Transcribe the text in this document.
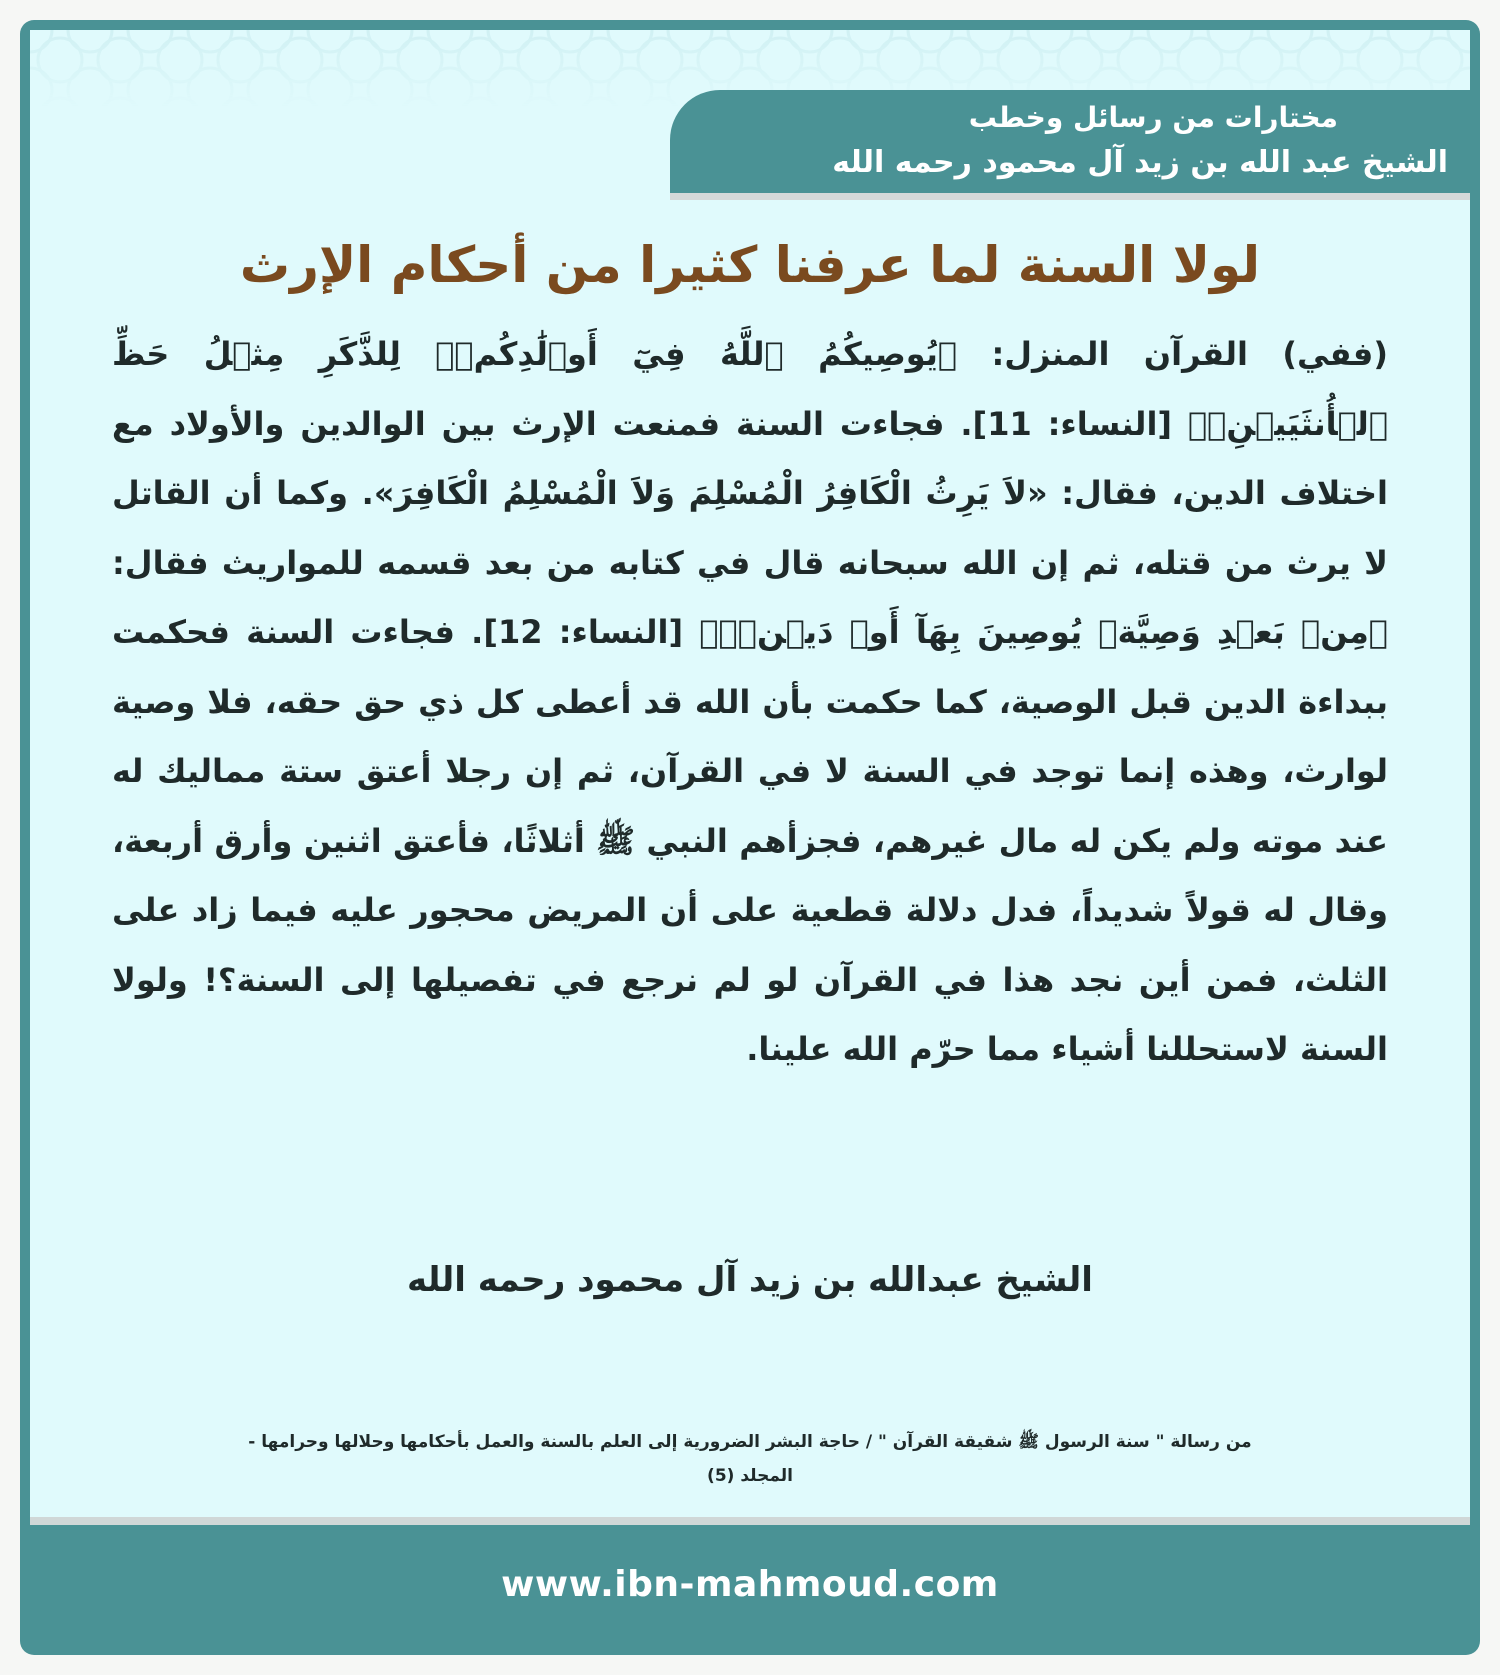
مختارات من رسائل وخطب
الشيخ عبد الله بن زيد آل محمود رحمه الله
لولا السنة لما عرفنا كثيرا من أحكام الإرث
(ففي) القرآن المنزل: ﴿يُوصِيكُمُ ٱللَّهُ فِيٓ أَوۡلَٰدِكُمۡۖ لِلذَّكَرِ مِثۡلُ حَظِّ ٱلۡأُنثَيَيۡنِۚ﴾ [النساء: 11]. فجاءت السنة فمنعت الإرث بين الوالدين والأولاد مع اختلاف الدين، فقال: «لاَ يَرِثُ الْكَافِرُ الْمُسْلِمَ وَلاَ الْمُسْلِمُ الْكَافِرَ». وكما أن القاتل لا يرث من قتله، ثم إن الله سبحانه قال في كتابه من بعد قسمه للمواريث فقال: ﴿مِنۢ بَعۡدِ وَصِيَّةٖ يُوصِينَ بِهَآ أَوۡ دَيۡنٖۚ﴾ [النساء: 12]. فجاءت السنة فحكمت ببداءة الدين قبل الوصية، كما حكمت بأن الله قد أعطى كل ذي حق حقه، فلا وصية لوارث، وهذه إنما توجد في السنة لا في القرآن، ثم إن رجلا أعتق ستة مماليك له عند موته ولم يكن له مال غيرهم، فجزأهم النبي ﷺ أثلاثًا، فأعتق اثنين وأرق أربعة، وقال له قولاً شديداً، فدل دلالة قطعية على أن المريض محجور عليه فيما زاد على الثلث، فمن أين نجد هذا في القرآن لو لم نرجع في تفصيلها إلى السنة؟! ولولا السنة لاستحللنا أشياء مما حرّم الله علينا.
الشيخ عبدالله بن زيد آل محمود رحمه الله
من رسالة " سنة الرسول ﷺ شقيقة القرآن " / حاجة البشر الضرورية إلى العلم بالسنة والعمل بأحكامها وحلالها وحرامها -
المجلد (5)
www.ibn-mahmoud.com
